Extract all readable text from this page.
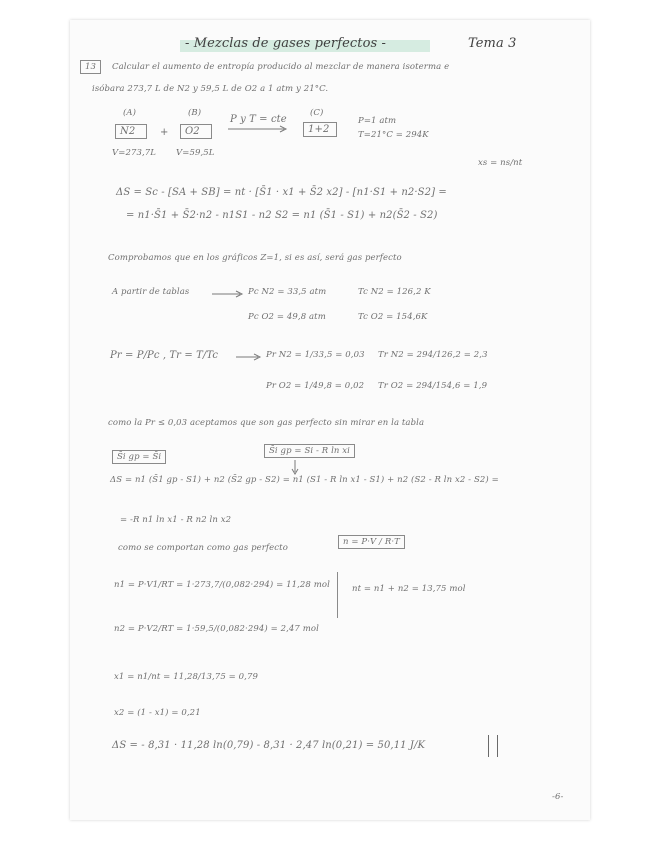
- Mezclas de gases perfectos -	Tema 3
13	Calcular el aumento de entropía producido al mezclar de manera isoterma e
isóbara 273,7 L de N2 y 59,5 L de O2 a 1 atm y 21°C.
(A)
N2
V=273,7L
+
(B)
O2
V=59,5L
P y T = cte
(C)
1+2
P=1 atm
T=21°C = 294K
xs = ns/nt
ΔS = Sc - [SA + SB] = nt · [S̄1 · x1 + S̄2 x2] - [n1·S1 + n2·S2] =
= n1·S̄1 + S̄2·n2 - n1S1 - n2 S2 = n1 (S̄1 - S1) + n2(S̄2 - S2)
Comprobamos que en los gráficos Z=1, si es así, será gas perfecto
A partir de tablas	Pc N2 = 33,5 atm	Tc N2 = 126,2 K
Pc O2 = 49,8 atm	Tc O2 = 154,6K
Pr = P/Pc , Tr = T/Tc	Pr N2 = 1/33,5 = 0,03 Tr N2 = 294/126,2 = 2,3
Pr O2 = 1/49,8 = 0,02 Tr O2 = 294/154,6 = 1,9
como la Pr ≤ 0,03 aceptamos que son gas perfecto sin mirar en la tabla
S̄i gp = S̄i
S̄i gp = Si - R ln xi
ΔS = n1 (S̄1 gp - S1) + n2 (S̄2 gp - S2) = n1 (S1 - R ln x1 - S1) + n2 (S2 - R ln x2 - S2) =
= -R n1 ln x1 - R n2 ln x2
como se comportan como gas perfecto
n = P·V / R·T
n1 = P·V1/RT = 1·273,7/(0,082·294) = 11,28 mol	nt = n1 + n2 = 13,75 mol
n2 = P·V2/RT = 1·59,5/(0,082·294) = 2,47 mol
x1 = n1/nt = 11,28/13,75 = 0,79
x2 = (1 - x1) = 0,21
ΔS = - 8,31 · 11,28 ln(0,79) - 8,31 · 2,47 ln(0,21) = 50,11 J/K
-6-
